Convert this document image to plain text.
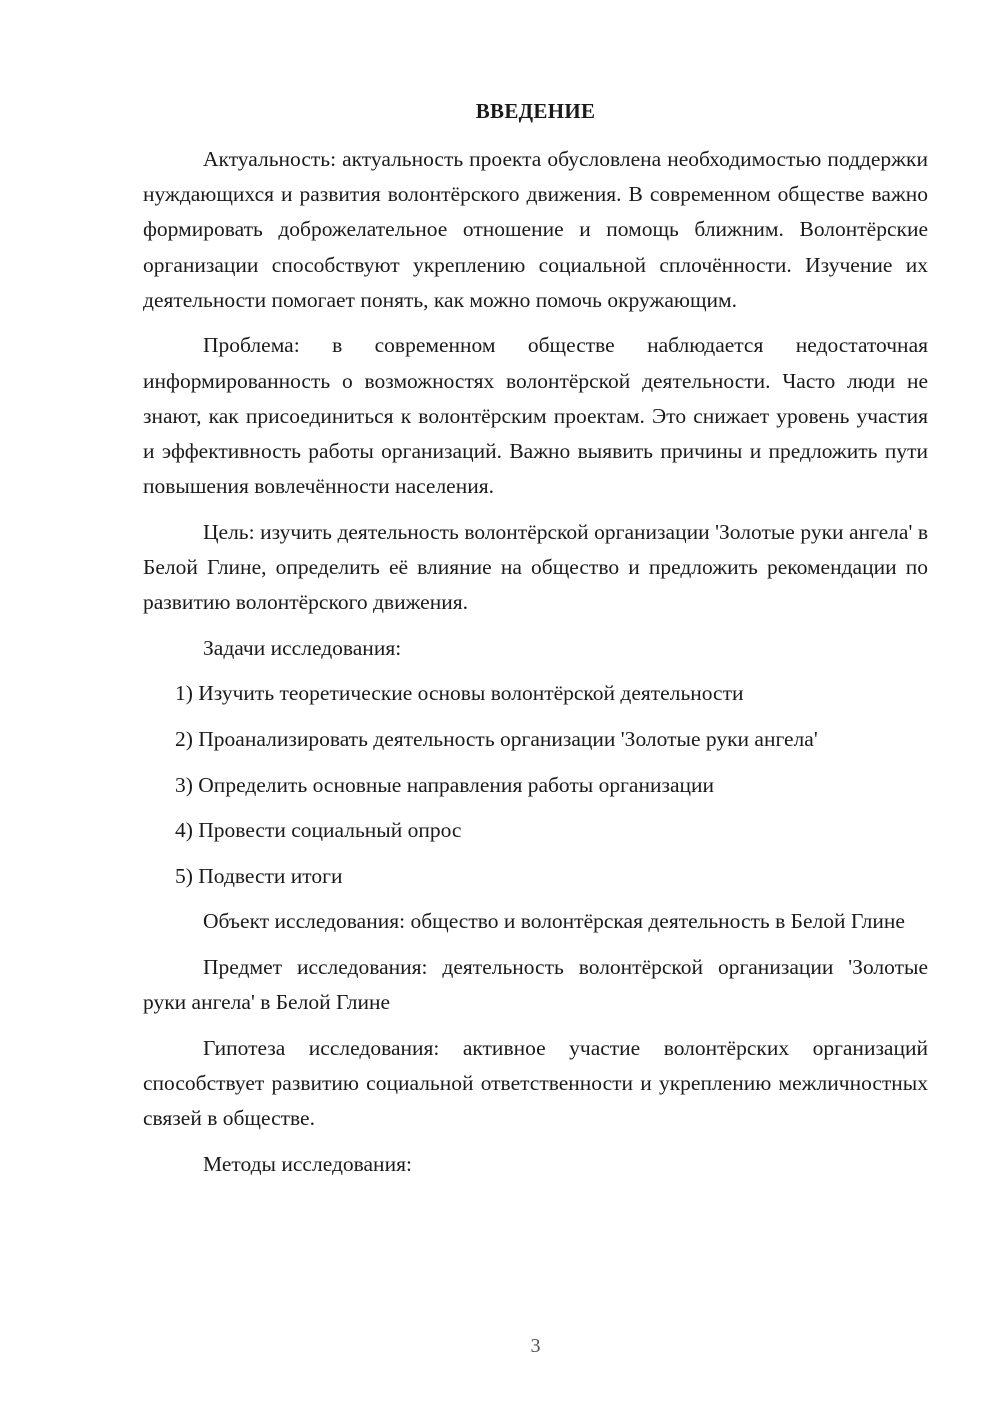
ВВЕДЕНИЕ

Актуальность: актуальность проекта обусловлена необходимостью поддержки нуждающихся и развития волонтёрского движения. В современном обществе важно формировать доброжелательное отношение и помощь ближним. Волонтёрские организации способствуют укреплению социальной сплочённости. Изучение их деятельности помогает понять, как можно помочь окружающим.

Проблема: в современном обществе наблюдается недостаточная информированность о возможностях волонтёрской деятельности. Часто люди не знают, как присоединиться к волонтёрским проектам. Это снижает уровень участия и эффективность работы организаций. Важно выявить причины и предложить пути повышения вовлечённости населения.

Цель: изучить деятельность волонтёрской организации 'Золотые руки ангела' в Белой Глине, определить её влияние на общество и предложить рекомендации по развитию волонтёрского движения.

Задачи исследования:

1) Изучить теоретические основы волонтёрской деятельности
2) Проанализировать деятельность организации 'Золотые руки ангела'
3) Определить основные направления работы организации
4) Провести социальный опрос
5) Подвести итоги

Объект исследования: общество и волонтёрская деятельность в Белой Глине

Предмет исследования: деятельность волонтёрской организации 'Золотые руки ангела' в Белой Глине

Гипотеза исследования: активное участие волонтёрских организаций способствует развитию социальной ответственности и укреплению межличностных связей в обществе.

Методы исследования:

3
